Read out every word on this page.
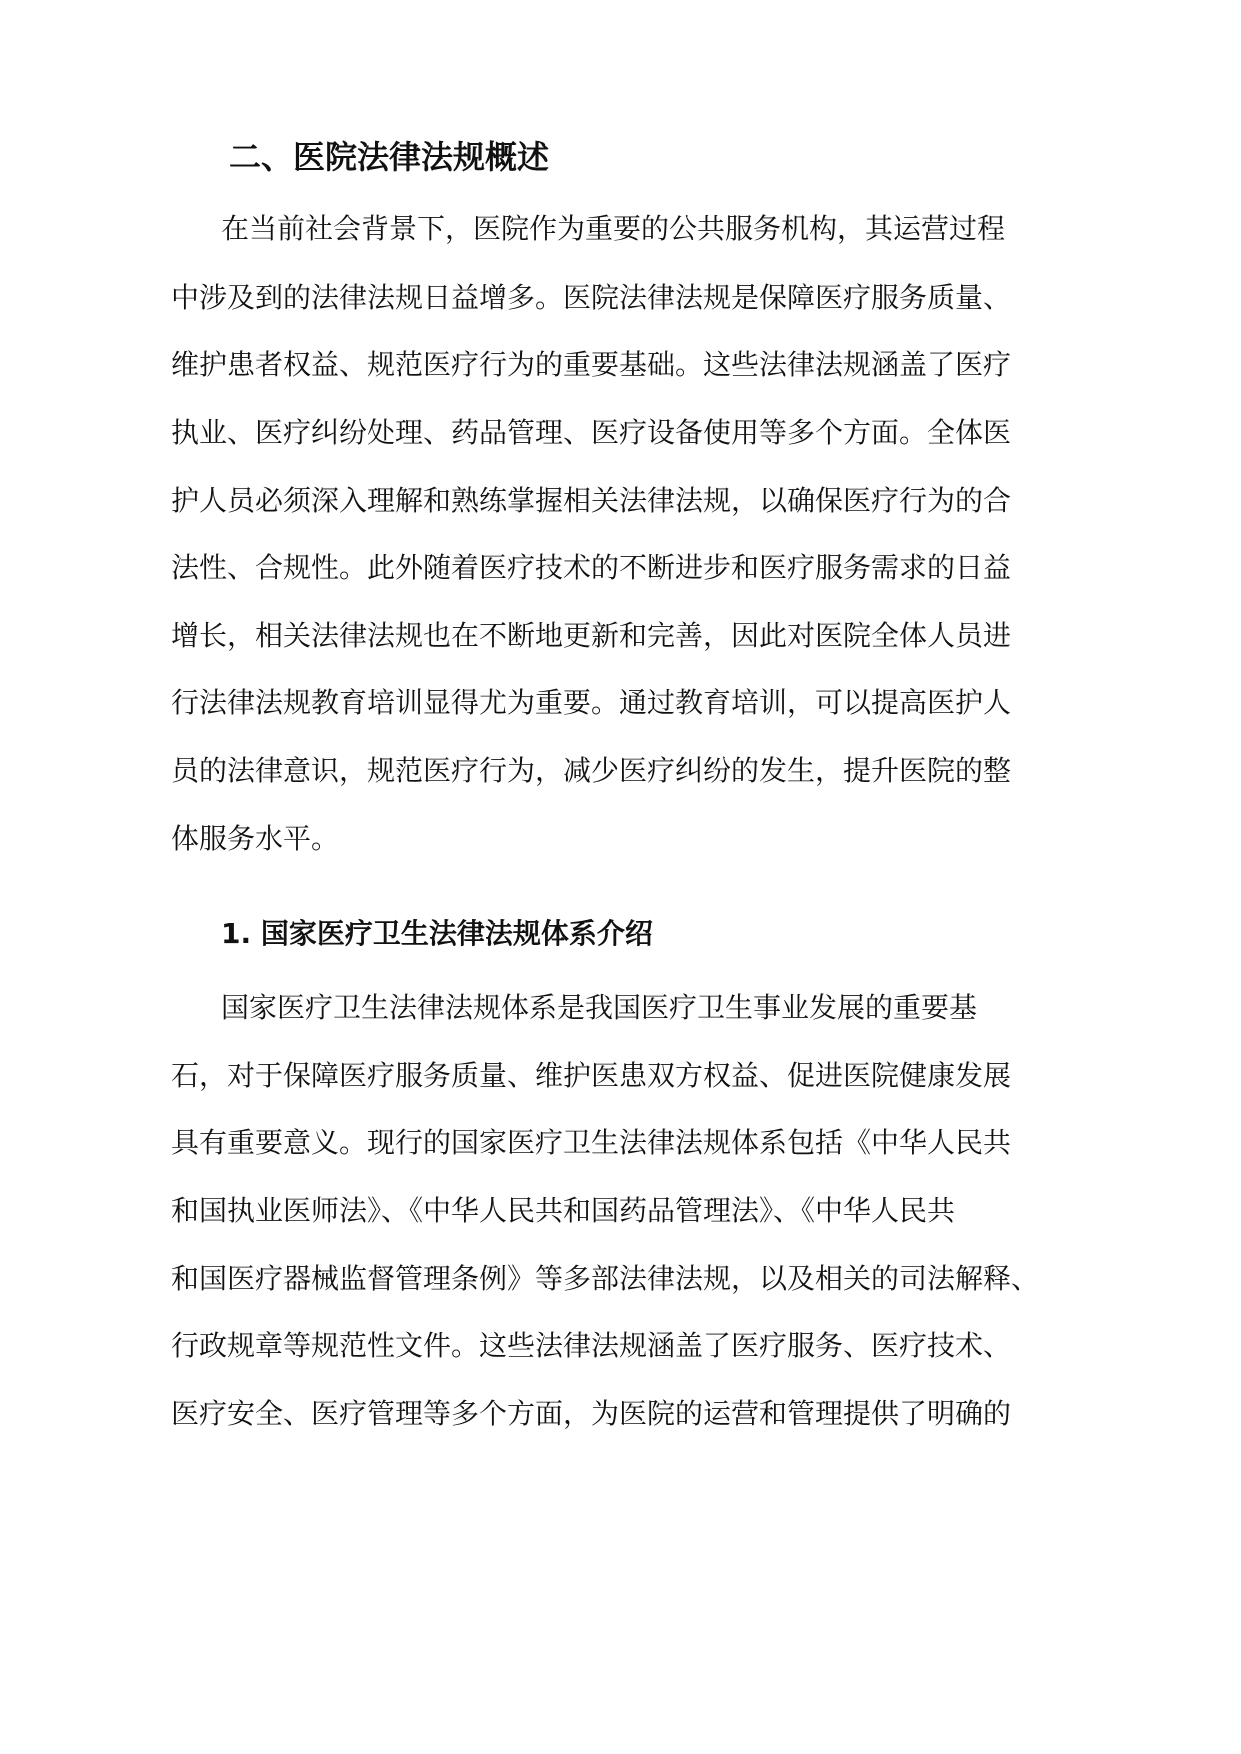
二、医院法律法规概述

在当前社会背景下，医院作为重要的公共服务机构，其运营过程

中涉及到的法律法规日益增多。医院法律法规是保障医疗服务质量、

维护患者权益、规范医疗行为的重要基础。这些法律法规涵盖了医疗

执业、医疗纠纷处理、药品管理、医疗设备使用等多个方面。全体医

护人员必须深入理解和熟练掌握相关法律法规，以确保医疗行为的合

法性、合规性。此外随着医疗技术的不断进步和医疗服务需求的日益

增长，相关法律法规也在不断地更新和完善，因此对医院全体人员进

行法律法规教育培训显得尤为重要。通过教育培训，可以提高医护人

员的法律意识，规范医疗行为，减少医疗纠纷的发生，提升医院的整

体服务水平。

1. 国家医疗卫生法律法规体系介绍

国家医疗卫生法律法规体系是我国医疗卫生事业发展的重要基

石，对于保障医疗服务质量、维护医患双方权益、促进医院健康发展

具有重要意义。现行的国家医疗卫生法律法规体系包括《中华人民共

和国执业医师法》、《中华人民共和国药品管理法》、《中华人民共

和国医疗器械监督管理条例》等多部法律法规，以及相关的司法解释、

行政规章等规范性文件。这些法律法规涵盖了医疗服务、医疗技术、

医疗安全、医疗管理等多个方面，为医院的运营和管理提供了明确的
